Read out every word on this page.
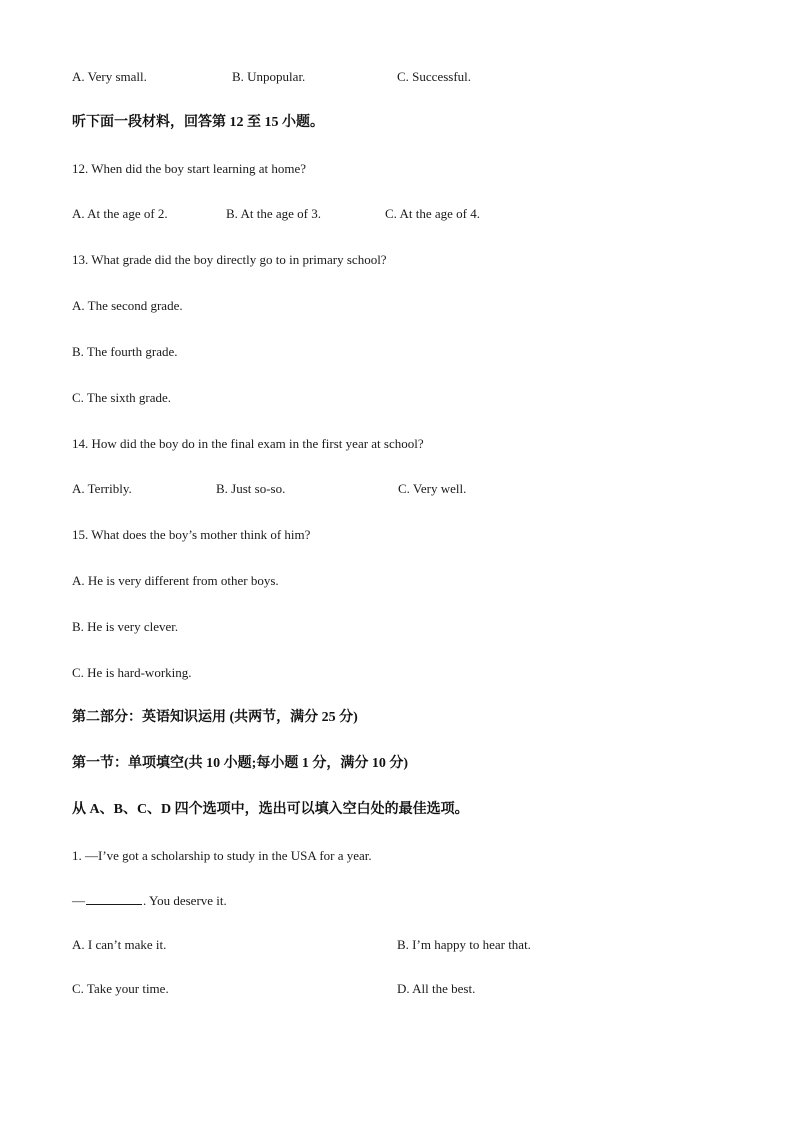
A. Very small.	B. Unpopular.	C. Successful.
听下面一段材料，回答第 12 至 15 小题。
12. When did the boy start learning at home?
A. At the age of 2.	B. At the age of 3.	C. At the age of 4.
13. What grade did the boy directly go to in primary school?
A. The second grade.
B. The fourth grade.
C. The sixth grade.
14. How did the boy do in the final exam in the first year at school?
A. Terribly.	B. Just so-so.	C. Very well.
15. What does the boy’s mother think of him?
A. He is very different from other boys.
B. He is very clever.
C. He is hard-working.
第二部分：英语知识运用 (共两节，满分 25 分)
第一节：单项填空(共 10 小题;每小题 1 分，满分 10 分)
从 A、B、C、D 四个选项中，选出可以填入空白处的最佳选项。
1. —I’ve got a scholarship to study in the USA for a year.
—	. You deserve it.
A. I can’t make it.	B. I’m happy to hear that.
C. Take your time.	D. All the best.
